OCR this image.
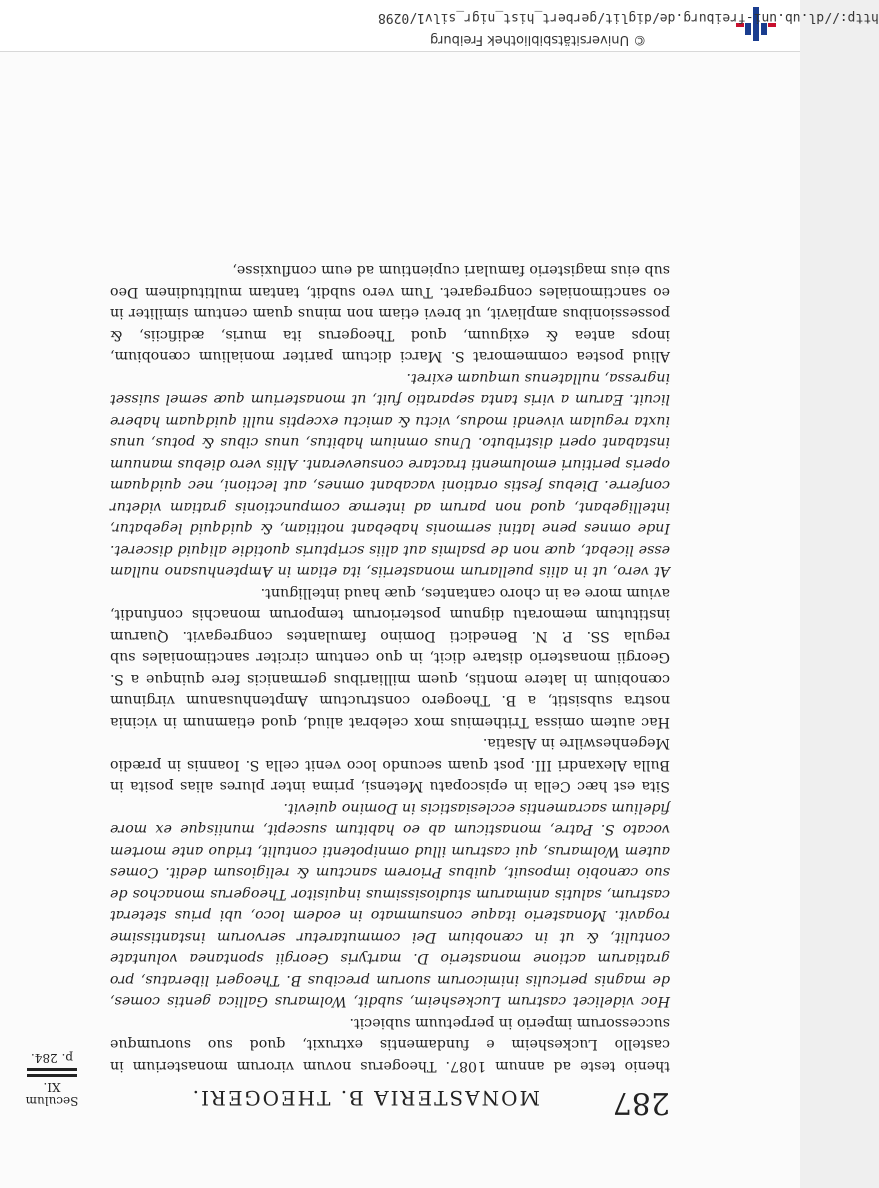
287
MONASTERIA B. THEOGERI.
Seculum
XI.
p. 284.	thenio teste ad annum 1087. Theogerus novum virorum monasterium in castello Luckesheim e fundamentis extruxit, quod suo suorumque successorum imperio in perpetuum subiecit.

Hoc videlicet castrum Luckesheim, subdit, Wolmarus Gallica gentis comes, de magnis periculis inimicorum suorum precibus B. Theogeri liberatus, pro gratiarum actione monasterio D. martyris Georgii spontanea voluntate contulit, & ut in cænobium Dei commutaretur servorum instantissime rogavit. Monasterio itaque consummato in eodem loco, ubi prius steterat castrum, salutis animarum studiosissimus inquisitor Theogerus monachos de suo cænobio imposuit, quibus Priorem sanctum & religiosum dedit. Comes autem Wolmarus, qui castrum illud omnipotenti contulit, triduo ante mortem vocato S. Patre, monasticum ab eo habitum suscepit, muniisque ex more fidelium sacramentis ecclesiasticis in Domino quievit.

Sita est hæc Cella in episcopatu Metensi, prima inter plures alias posita in Bulla Alexandri III. post quam secundo loco venit cella S. Ioannis in prædio Megenheswilre in Alsatia.

Hac autem omissa Trithemius mox celebrat aliud, quod etiamnum in vicinia nostra subsistit, a B. Theogero constructum Amptenhusanum virginum cœnobium in latere montis, quem milliaribus germanicis fere quinque a S. Georgii monasterio distare dicit, in quo centum circiter sanctimoniales sub regula SS. P. N. Benedicti Domino famulantes congregavit. Quarum institutum memoratu dignum posteriorum temporum monachis confundit, avium more ea in choro cantantes, quæ haud intelligunt.

At vero, ut in aliis puellarum monasteriis, ita etiam in Amptenhusano nullam esse licebat, quæ non de psalmis aut aliis scripturis quotidie aliquid disceret. Inde omnes pene latini sermonis habebant notitiam, & quidquid legebatur, intelligebant, quod non parum ad internæ compunctionis gratiam videtur conferre. Diebus festis orationi vacabant omnes, aut lectioni, nec quidquam operis peritiuri emolumenti tractare consueverant. Aliis vero diebus manuum instabant operi distributo. Unus omnium habitus, unus cibus & potus, unus iuxta regulam vivendi modus, victu & amictu exceptis nulli quidquam habere licuit. Earum a viris tanta separatio fuit, ut monasterium quæ semel suisset ingressa, nullatenus umquam exiret.

Aliud postea commemorat S. Marci dictum pariter monialium cœnobium, inops antea & exiguum, quod Theogerus ita muris, ædificiis, & possessionibus ampliavit, ut brevi etiam non minus quam centum similiter in eo sanctimoniales congregaret. Tum vero subdit, tantam multitudinem Deo sub eius magisterio famulari cupientium ad eum confluxisse,

© Universitätsbibliothek Freiburg
http://dl.ub.uni-freiburg.de/diglit/gerbert_hist_nigr_silv1/0298
